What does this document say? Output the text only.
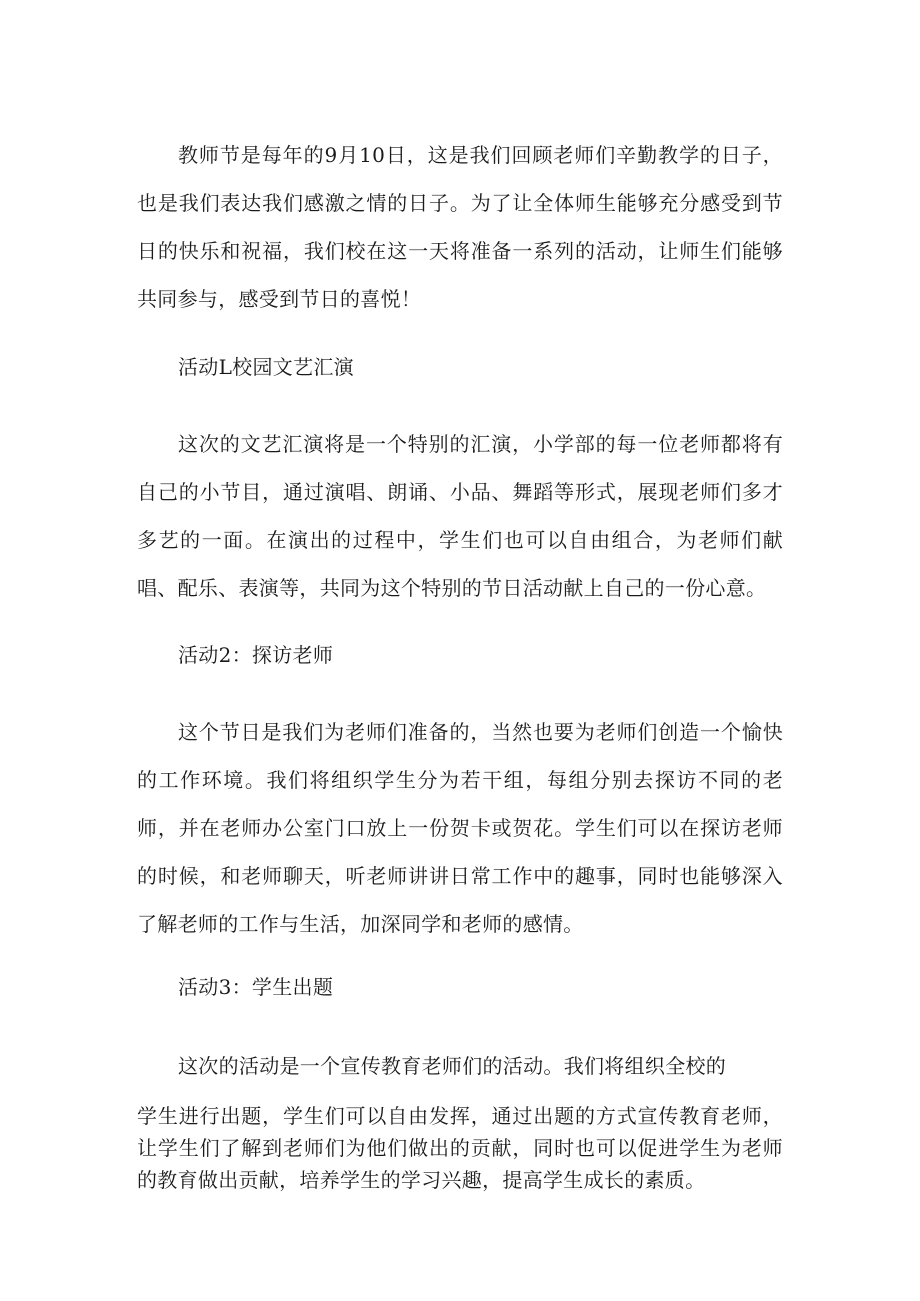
教师节是每年的9月10日，这是我们回顾老师们辛勤教学的日子，也是我们表达我们感激之情的日子。为了让全体师生能够充分感受到节日的快乐和祝福，我们校在这一天将准备一系列的活动，让师生们能够共同参与，感受到节日的喜悦！

活动L校园文艺汇演

这次的文艺汇演将是一个特别的汇演，小学部的每一位老师都将有自己的小节目，通过演唱、朗诵、小品、舞蹈等形式，展现老师们多才多艺的一面。在演出的过程中，学生们也可以自由组合，为老师们献唱、配乐、表演等，共同为这个特别的节日活动献上自己的一份心意。

活动2：探访老师

这个节日是我们为老师们准备的，当然也要为老师们创造一个愉快的工作环境。我们将组织学生分为若干组，每组分别去探访不同的老师，并在老师办公室门口放上一份贺卡或贺花。学生们可以在探访老师的时候，和老师聊天，听老师讲讲日常工作中的趣事，同时也能够深入了解老师的工作与生活，加深同学和老师的感情。

活动3：学生出题

这次的活动是一个宣传教育老师们的活动。我们将组织全校的

学生进行出题，学生们可以自由发挥，通过出题的方式宣传教育老师，让学生们了解到老师们为他们做出的贡献，同时也可以促进学生为老师的教育做出贡献，培养学生的学习兴趣，提高学生成长的素质。
